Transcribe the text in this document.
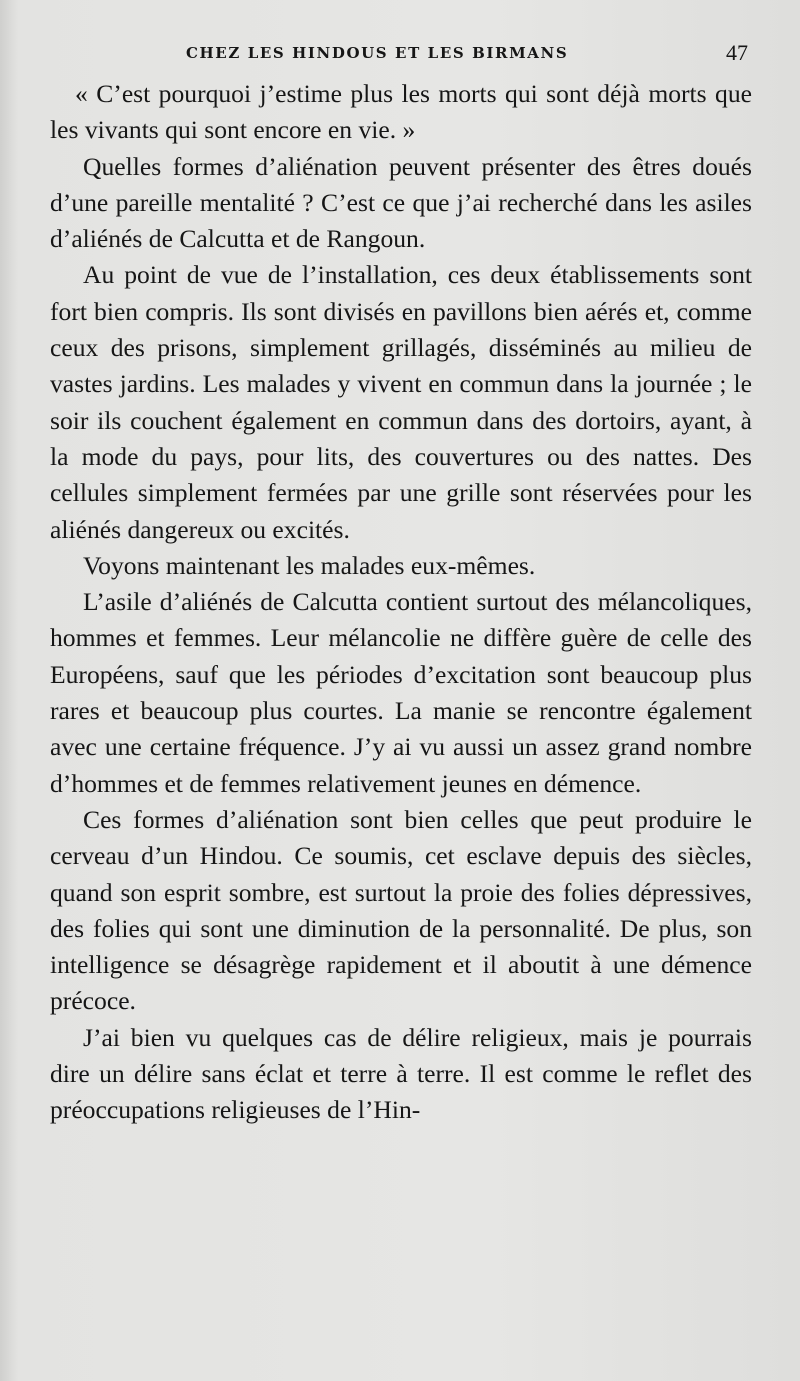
CHEZ LES HINDOUS ET LES BIRMANS	47

« C’est pourquoi j’estime plus les morts qui sont déjà morts que les vivants qui sont encore en vie. »

Quelles formes d’aliénation peuvent présenter des êtres doués d’une pareille mentalité ? C’est ce que j’ai recherché dans les asiles d’aliénés de Calcutta et de Rangoun.

Au point de vue de l’installation, ces deux établissements sont fort bien compris. Ils sont divisés en pavillons bien aérés et, comme ceux des prisons, simplement grillagés, disséminés au milieu de vastes jardins. Les malades y vivent en commun dans la journée ; le soir ils couchent également en commun dans des dortoirs, ayant, à la mode du pays, pour lits, des couvertures ou des nattes. Des cellules simplement fermées par une grille sont réservées pour les aliénés dangereux ou excités.

Voyons maintenant les malades eux-mêmes.

L’asile d’aliénés de Calcutta contient surtout des mélancoliques, hommes et femmes. Leur mélancolie ne diffère guère de celle des Européens, sauf que les périodes d’excitation sont beaucoup plus rares et beaucoup plus courtes. La manie se rencontre également avec une certaine fréquence. J’y ai vu aussi un assez grand nombre d’hommes et de femmes relativement jeunes en démence.

Ces formes d’aliénation sont bien celles que peut produire le cerveau d’un Hindou. Ce soumis, cet esclave depuis des siècles, quand son esprit sombre, est surtout la proie des folies dépressives, des folies qui sont une diminution de la personnalité. De plus, son intelligence se désagrège rapidement et il aboutit à une démence précoce.

J’ai bien vu quelques cas de délire religieux, mais je pourrais dire un délire sans éclat et terre à terre. Il est comme le reflet des préoccupations religieuses de l’Hin-
